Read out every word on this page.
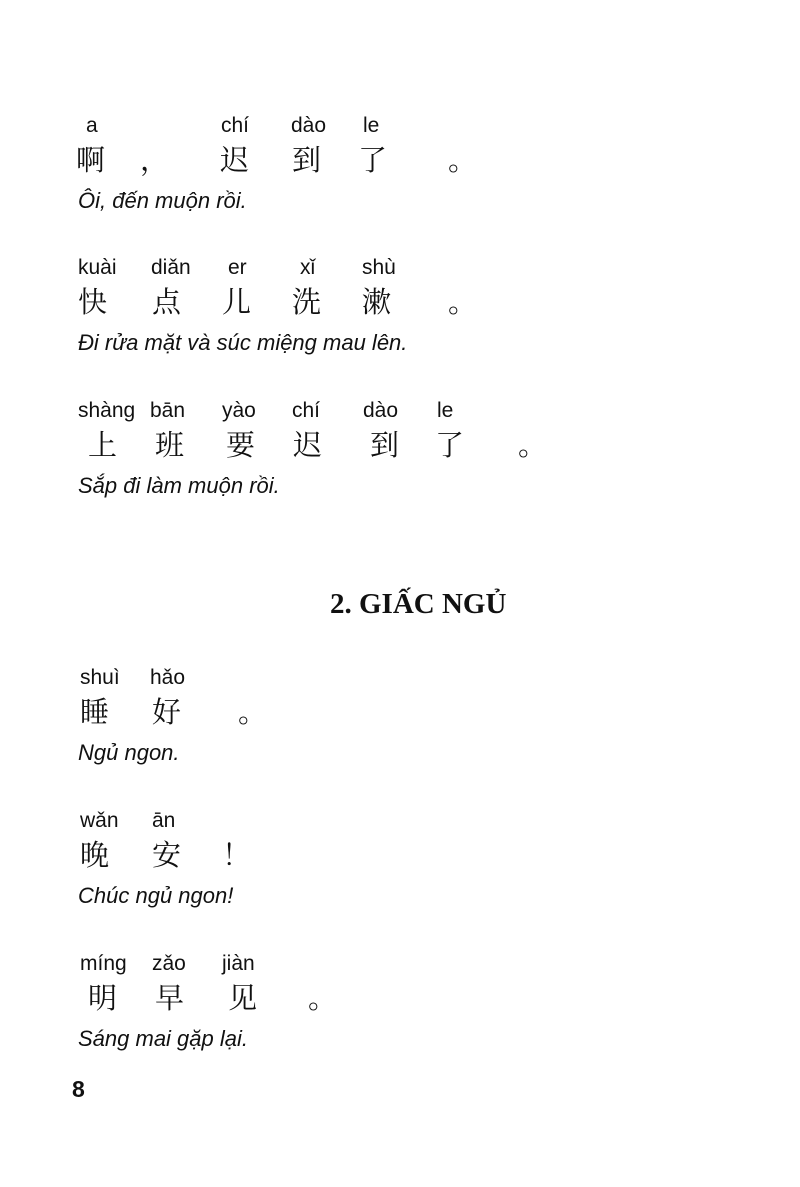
a	chí dào le
啊 ， 迟 到 了 。
Ôi, đến muộn rồi.
kuài diǎn er	xǐ shù
快 点 儿 洗 漱 。
Đi rửa mặt và súc miệng mau lên.
shàng bān yào chí dào le
上 班 要 迟 到 了 。
Sắp đi làm muộn rồi.
2. GIẤC NGỦ
shuì hǎo
睡 好 。
Ngủ ngon.
wǎn ān
晚 安 ！
Chúc ngủ ngon!
míng zǎo jiàn
明 早 见 。
Sáng mai gặp lại.
8
